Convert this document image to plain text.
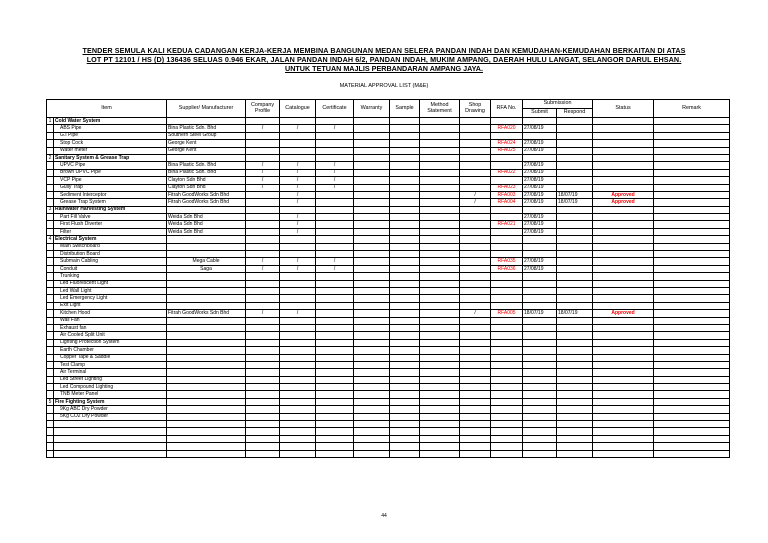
TENDER SEMULA KALI KEDUA CADANGAN KERJA-KERJA MEMBINA BANGUNAN MEDAN SELERA PANDAN INDAH DAN KEMUDAHAN-KEMUDAHAN BERKAITAN DI ATAS
LOT PT 12101 / HS (D) 136436 SELUAS 0.946 EKAR, JALAN PANDAN INDAH 6/2, PANDAN INDAH, MUKIM AMPANG, DAERAH HULU LANGAT, SELANGOR DARUL EHSAN.
UNTUK TETUAN MAJLIS PERBANDARAN AMPANG JAYA.
MATERIAL APPROVAL LIST (M&E)
Item		Supplier/ Manufacturer	Company Profile	Catalogue	Certificate	Warranty	Sample	Method Statement	Shop Drawing	RFA No.	Submission		Status	Remark
											Submit	Respond		
1	Cold Water System													
	ABS Pipe	Bina Plastic Sdn. Bhd	/	/	/					RFA020	27/08/19			
	G.I Pipe	Southern Steel Group												
	Stop Cock	George Kent								RFA024	27/08/19			
	Water meter	George Kent								RFA025	27/08/19			
2	Sanitary System & Grease Trap													
	UPVC Pipe	Bina Plastic Sdn. Bhd	/	/	/						27/08/19			
	Brown UPVC Pipe	Bina Plastic Sdn. Bhd	/	/	/					RFA022	27/08/19			
	VCP Pipe	Clayton Sdn Bhd	/	/	/						27/08/19			
	Gully Trap	Clayton Sdn Bhd	/	/	/					RFA023	27/08/19			
	Sediment Interceptor	Fitrah GoodWorks Sdn Bhd		/					/	RFA003	27/08/19	18/07/19	Approved	
	Grease Trap System	Fitrah GoodWorks Sdn Bhd		/					/	RFA004	27/08/19	18/07/19	Approved	
3	Rainwater Harvesting System													
	Part Fill Valve	Weida Sdn Bhd		/							27/08/19			
	First Flush Diverter	Weida Sdn Bhd		/						RFA021	27/08/19			
	Filter	Weida Sdn Bhd		/							27/08/19			
4	Electrical System													
	Main Switchboard													
	Distribution Board													
	Submain Cabling	Mega Cable	/	/	/					RFA035	27/08/19			
	Conduit	Saga	/	/	/					RFA036	27/08/19			
	Trunking													
	Led Fluorescent Light													
	Led Wall Light													
	Led Emergency Light													
	Exit Light													
	Kitchen Hood	Fitrah GoodWorks Sdn Bhd	/	/					/	RFA005	18/07/19	18/07/19	Approved	
	Wall Fan													
	Exhaust fan													
	Air Cooled Split Unit													
	Lighting Protection System													
	Earth Chamber													
	Copper Tape & Saddle													
	Test Clamp													
	Air Terminal													
	Led Street Lighting													
	Led Compound Lighting													
	TNB Meter Panel													
5	Fire Fighting System													
	9Kg ABC Dry Powder													
	5Kg CO2 Dry Powder													

44
